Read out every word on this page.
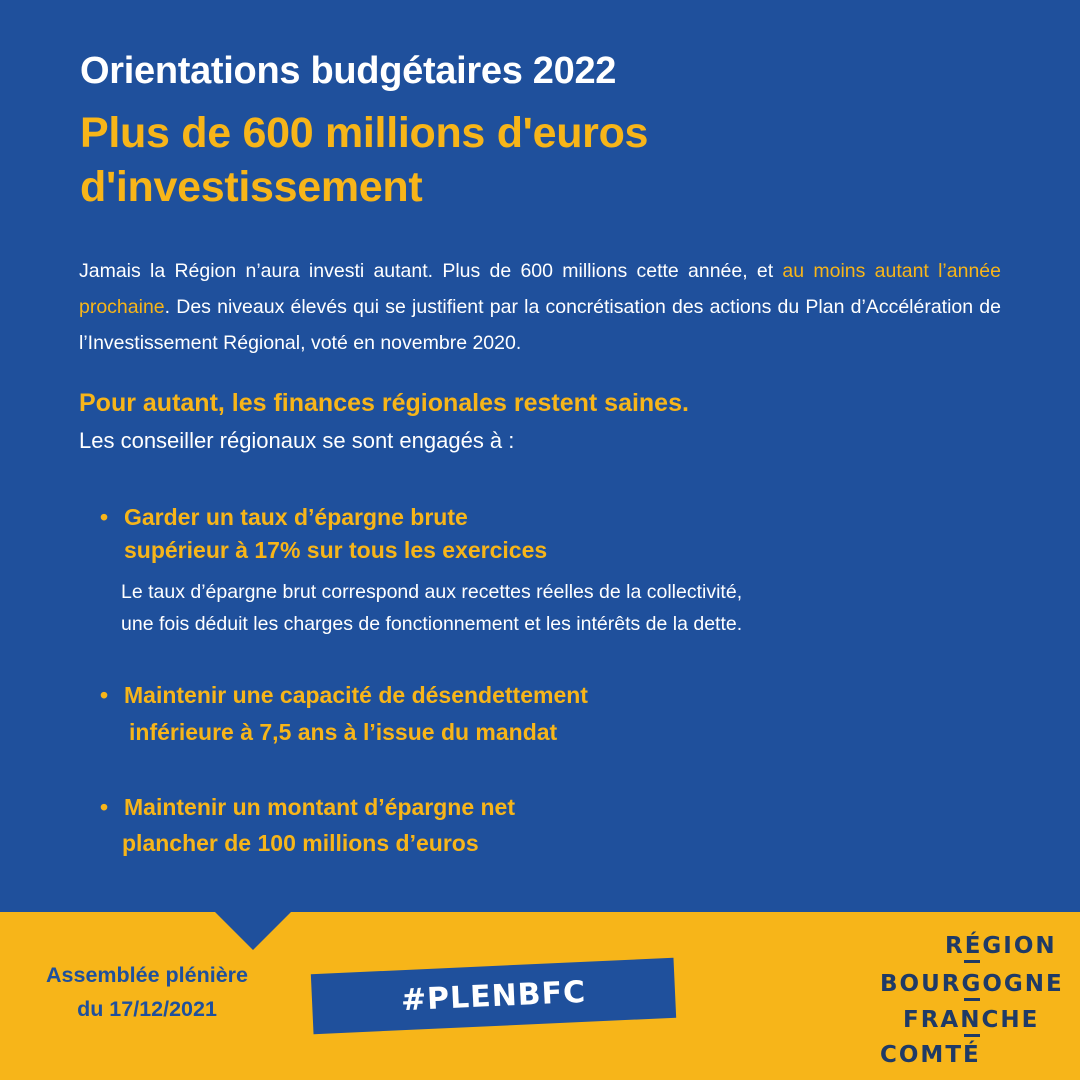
Orientations budgétaires 2022
Plus de 600 millions d'euros
d'investissement
Jamais la Région n’aura investi autant. Plus de 600 millions cette année, et au moins autant l’année prochaine. Des niveaux élevés qui se justifient par la concrétisation des actions du Plan d’Accélération de l’Investissement Régional, voté en novembre 2020.
Pour autant, les finances régionales restent saines.
Les conseiller régionaux se sont engagés à :
• Garder un taux d’épargne brute
supérieur à 17% sur tous les exercices
Le taux d’épargne brut correspond aux recettes réelles de la collectivité,
une fois déduit les charges de fonctionnement et les intérêts de la dette.
• Maintenir une capacité de désendettement
inférieure à 7,5 ans à l’issue du mandat
• Maintenir un montant d’épargne net
plancher de 100 millions d’euros
Assemblée plénière
du 17/12/2021	#PLENBFC
RÉGION
BOURGOGNE
FRANCHE
COMTÉ
